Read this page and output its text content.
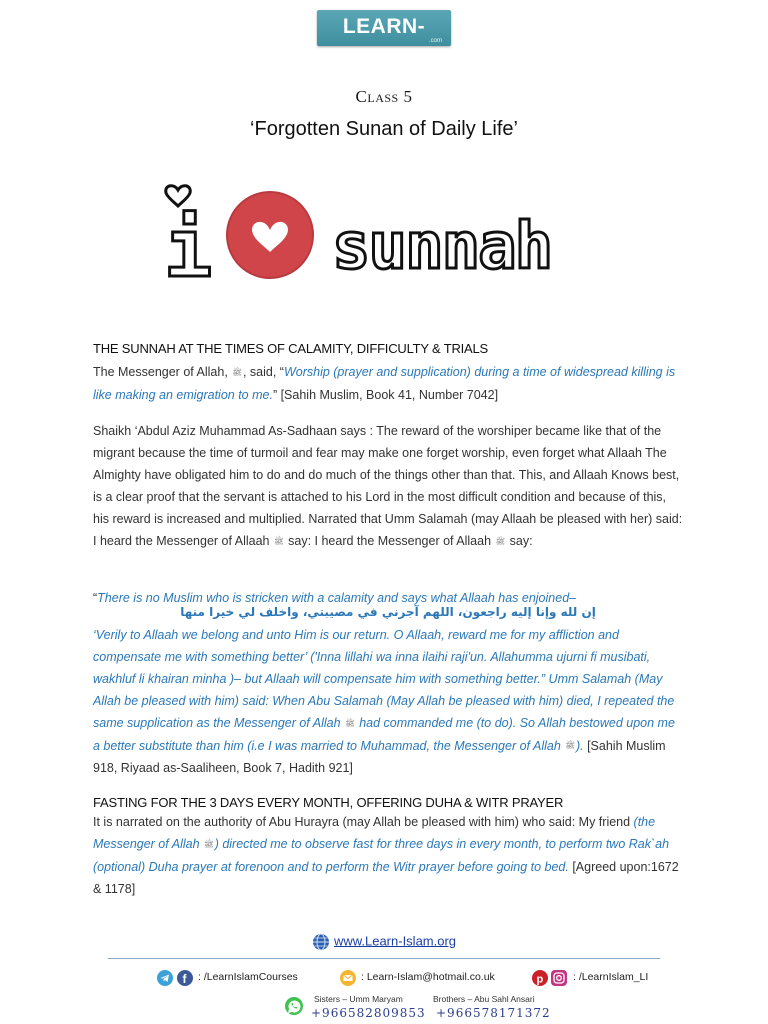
LEARN-ISLAM
.com
Class 5
‘Forgotten Sunan of Daily Life’
i sunnah
THE SUNNAH AT THE TIMES OF CALAMITY, DIFFICULTY & TRIALS
The Messenger of Allah, ﷺ, said, “Worship (prayer and supplication) during a time of widespread killing is like making an emigration to me.” [Sahih Muslim, Book 41, Number 7042]
Shaikh ‘Abdul Aziz Muhammad As-Sadhaan says : The reward of the worshiper became like that of the migrant because the time of turmoil and fear may make one forget worship, even forget what Allaah The Almighty have obligated him to do and do much of the things other than that. This, and Allaah Knows best, is a clear proof that the servant is attached to his Lord in the most difficult condition and because of this, his reward is increased and multiplied. Narrated that Umm Salamah (may Allaah be pleased with her) said: I heard the Messenger of Allaah ﷺ say: I heard the Messenger of Allaah ﷺ say:
“There is no Muslim who is stricken with a calamity and says what Allaah has enjoined–
إن لله وإنا إليه راجعون، اللهم آجرني في مصيبتي، واخلف لي خيرا منها
‘Verily to Allaah we belong and unto Him is our return. O Allaah, reward me for my affliction and compensate me with something better’ ('Inna lillahi wa inna ilaihi raji'un. Allahumma ujurni fi musibati, wakhluf li khairan minha )– but Allaah will compensate him with something better.” Umm Salamah (May Allah be pleased with him) said: When Abu Salamah (May Allah be pleased with him) died, I repeated the same supplication as the Messenger of Allah ﷺ had commanded me (to do). So Allah bestowed upon me a better substitute than him (i.e I was married to Muhammad, the Messenger of Allah ﷺ). [Sahih Muslim 918, Riyaad as-Saaliheen, Book 7, Hadith 921]
FASTING FOR THE 3 DAYS EVERY MONTH, OFFERING DUHA & WITR PRAYER
It is narrated on the authority of Abu Hurayra (may Allah be pleased with him) who said: My friend (the Messenger of Allah ﷺ) directed me to observe fast for three days in every month, to perform two Rak`ah (optional) Duha prayer at forenoon and to perform the Witr prayer before going to bed. [Agreed upon:1672 & 1178]
www.Learn-Islam.org
f : /LearnIslamCourses	: Learn-Islam@hotmail.co.uk	p	: /LearnIslam_LI
Sisters – Umm Maryam
+966582809853
Brothers – Abu Sahl Ansari
+966578171372
